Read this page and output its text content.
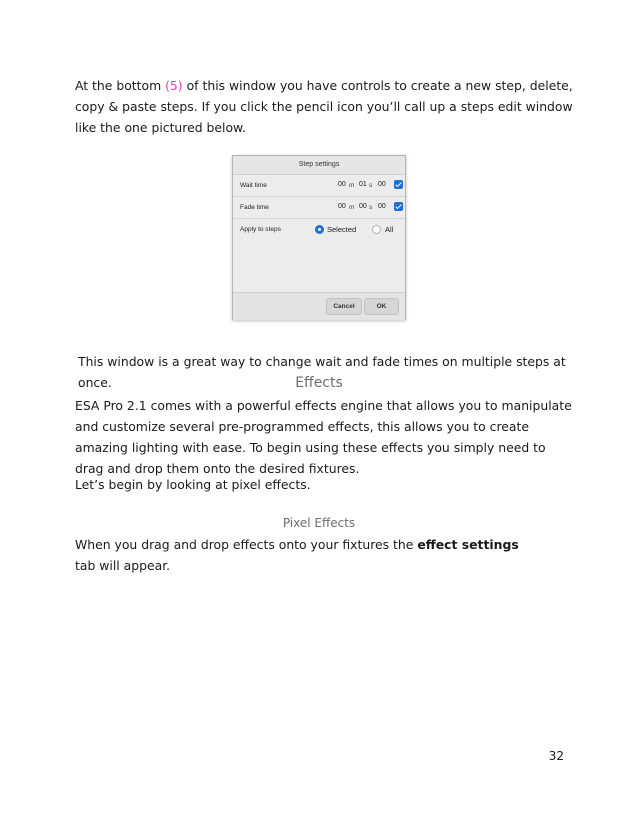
At the bottom (5) of this window you have controls to create a new step, delete, copy & paste steps. If you click the pencil icon you’ll call up a steps edit window like the one pictured below.

Step settings
Wait time	00 m 01 s 00
Fade time	00 m 00 s 00
Apply to steps	Selected	All
Cancel	OK

This window is a great way to change wait and fade times on multiple steps at once.	Effects

ESA Pro 2.1 comes with a powerful effects engine that allows you to manipulate and customize several pre-programmed effects, this allows you to create amazing lighting with ease. To begin using these effects you simply need to drag and drop them onto the desired fixtures.

Let’s begin by looking at pixel effects.

Pixel Effects

When you drag and drop effects onto your fixtures the effect settings tab will appear.

32
